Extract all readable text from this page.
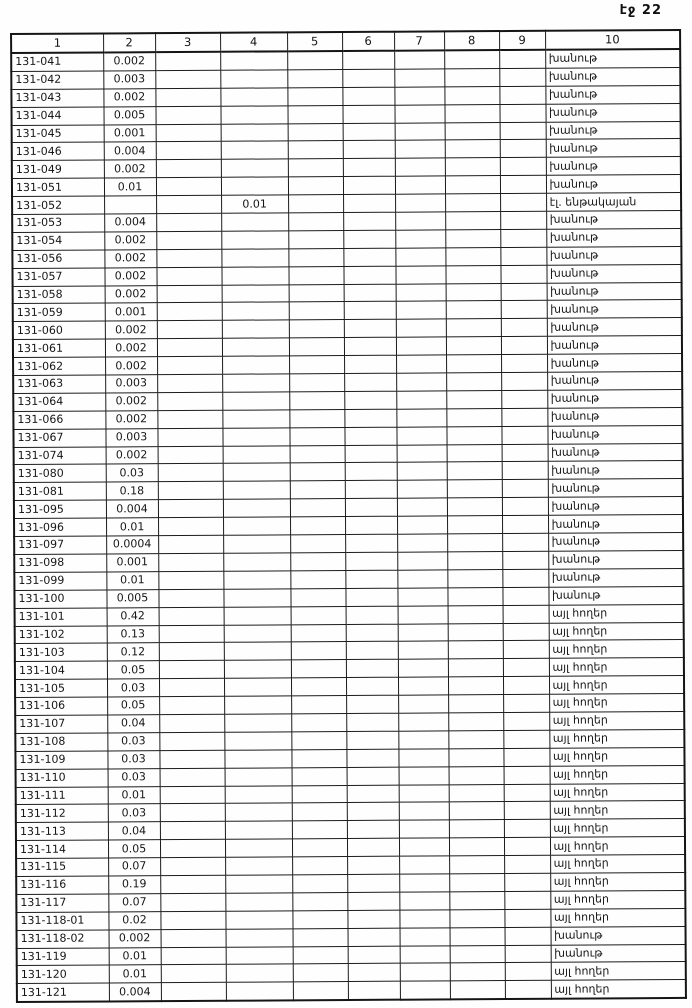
էջ 22
1	2	3	4	5	6	7	8	9	10
131-041	0.002								խանութ
131-042	0.003								խանութ
131-043	0.002								խանութ
131-044	0.005								խանութ
131-045	0.001								խանութ
131-046	0.004								խանութ
131-049	0.002								խանութ
131-051	0.01								խանութ
131-052			0.01						էլ. ենթակայան
131-053	0.004								խանութ
131-054	0.002								խանութ
131-056	0.002								խանութ
131-057	0.002								խանութ
131-058	0.002								խանութ
131-059	0.001								խանութ
131-060	0.002								խանութ
131-061	0.002								խանութ
131-062	0.002								խանութ
131-063	0.003								խանութ
131-064	0.002								խանութ
131-066	0.002								խանութ
131-067	0.003								խանութ
131-074	0.002								խանութ
131-080	0.03								խանութ
131-081	0.18								խանութ
131-095	0.004								խանութ
131-096	0.01								խանութ
131-097	0.0004								խանութ
131-098	0.001								խանութ
131-099	0.01								խանութ
131-100	0.005								խանութ
131-101	0.42								այլ հողեր
131-102	0.13								այլ հողեր
131-103	0.12								այլ հողեր
131-104	0.05								այլ հողեր
131-105	0.03								այլ հողեր
131-106	0.05								այլ հողեր
131-107	0.04								այլ հողեր
131-108	0.03								այլ հողեր
131-109	0.03								այլ հողեր
131-110	0.03								այլ հողեր
131-111	0.01								այլ հողեր
131-112	0.03								այլ հողեր
131-113	0.04								այլ հողեր
131-114	0.05								այլ հողեր
131-115	0.07								այլ հողեր
131-116	0.19								այլ հողեր
131-117	0.07								այլ հողեր
131-118-01	0.02								այլ հողեր
131-118-02	0.002								խանութ
131-119	0.01								խանութ
131-120	0.01								այլ հողեր
131-121	0.004								այլ հողեր
